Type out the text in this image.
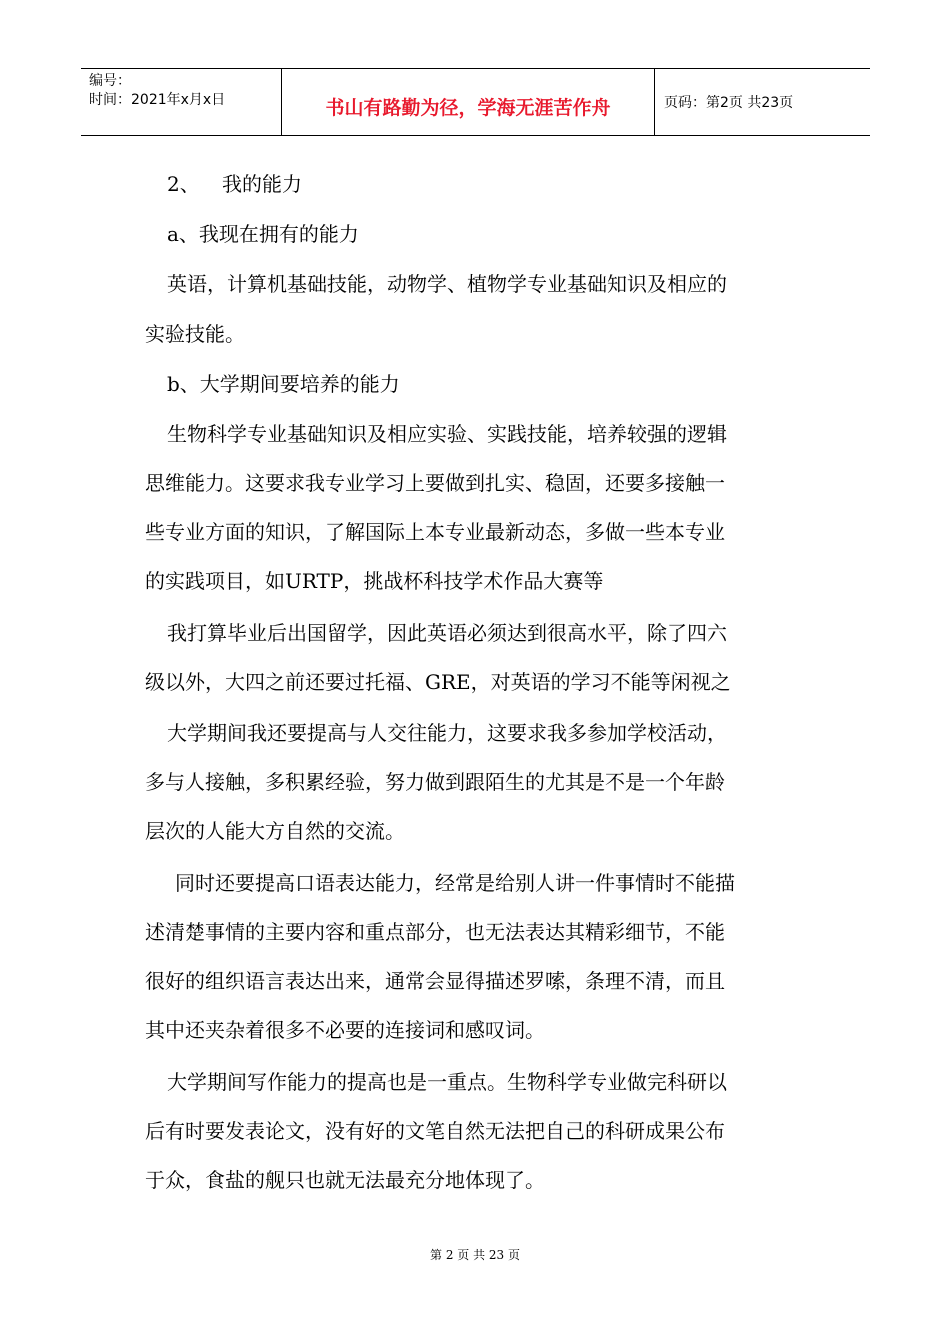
编号：
时间：2021年x月x日	书山有路勤为径，学海无涯苦作舟	页码：第2页 共23页
2、 我的能力
a、我现在拥有的能力
英语，计算机基础技能，动物学、植物学专业基础知识及相应的
实验技能。
b、大学期间要培养的能力
生物科学专业基础知识及相应实验、实践技能，培养较强的逻辑
思维能力。这要求我专业学习上要做到扎实、稳固，还要多接触一
些专业方面的知识，了解国际上本专业最新动态，多做一些本专业
的实践项目，如URTP，挑战杯科技学术作品大赛等
我打算毕业后出国留学，因此英语必须达到很高水平，除了四六
级以外，大四之前还要过托福、GRE，对英语的学习不能等闲视之
大学期间我还要提高与人交往能力，这要求我多参加学校活动，
多与人接触，多积累经验，努力做到跟陌生的尤其是不是一个年龄
层次的人能大方自然的交流。
同时还要提高口语表达能力，经常是给别人讲一件事情时不能描
述清楚事情的主要内容和重点部分，也无法表达其精彩细节，不能
很好的组织语言表达出来，通常会显得描述罗嗦，条理不清，而且
其中还夹杂着很多不必要的连接词和感叹词。
大学期间写作能力的提高也是一重点。生物科学专业做完科研以
后有时要发表论文，没有好的文笔自然无法把自己的科研成果公布
于众，食盐的舰只也就无法最充分地体现了。
第 2 页 共 23 页
